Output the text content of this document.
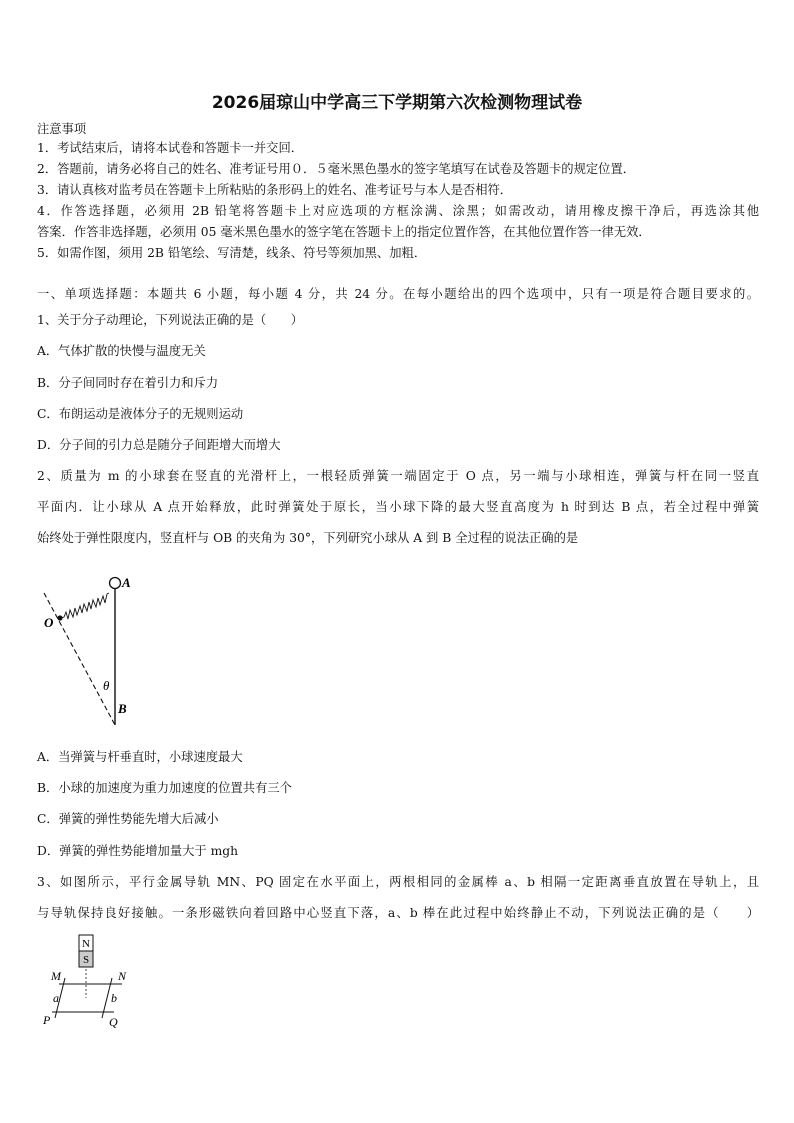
2026届琼山中学高三下学期第六次检测物理试卷
注意事项
1．考试结束后，请将本试卷和答题卡一并交回．
2．答题前，请务必将自己的姓名、准考证号用０．５毫米黑色墨水的签字笔填写在试卷及答题卡的规定位置．
3．请认真核对监考员在答题卡上所粘贴的条形码上的姓名、准考证号与本人是否相符．
4．作答选择题，必须用 2B 铅笔将答题卡上对应选项的方框涂满、涂黑；如需改动，请用橡皮擦干净后，再选涂其他
答案．作答非选择题，必须用 05 毫米黑色墨水的签字笔在答题卡上的指定位置作答，在其他位置作答一律无效．
5．如需作图，须用 2B 铅笔绘、写清楚，线条、符号等须加黑、加粗．
一、单项选择题：本题共 6 小题，每小题 4 分，共 24 分。在每小题给出的四个选项中，只有一项是符合题目要求的。
1、关于分子动理论，下列说法正确的是（　　）
A．气体扩散的快慢与温度无关
B．分子间同时存在着引力和斥力
C．布朗运动是液体分子的无规则运动
D．分子间的引力总是随分子间距增大而增大
2、质量为 m 的小球套在竖直的光滑杆上，一根轻质弹簧一端固定于 O 点，另一端与小球相连，弹簧与杆在同一竖直
平面内．让小球从 A 点开始释放，此时弹簧处于原长，当小球下降的最大竖直高度为 h 时到达 B 点，若全过程中弹簧
始终处于弹性限度内，竖直杆与 OB 的夹角为 30°，下列研究小球从 A 到 B 全过程的说法正确的是
A
O
θ
B
A．当弹簧与杆垂直时，小球速度最大
B．小球的加速度为重力加速度的位置共有三个
C．弹簧的弹性势能先增大后减小
D．弹簧的弹性势能增加量大于 mgh
3、如图所示，平行金属导轨 MN、PQ 固定在水平面上，两根相同的金属棒 a、b 相隔一定距离垂直放置在导轨上，且
与导轨保持良好接触。一条形磁铁向着回路中心竖直下落，a、b 棒在此过程中始终静止不动，下列说法正确的是（　　）
N
S
M	N
a	b
P	Q
